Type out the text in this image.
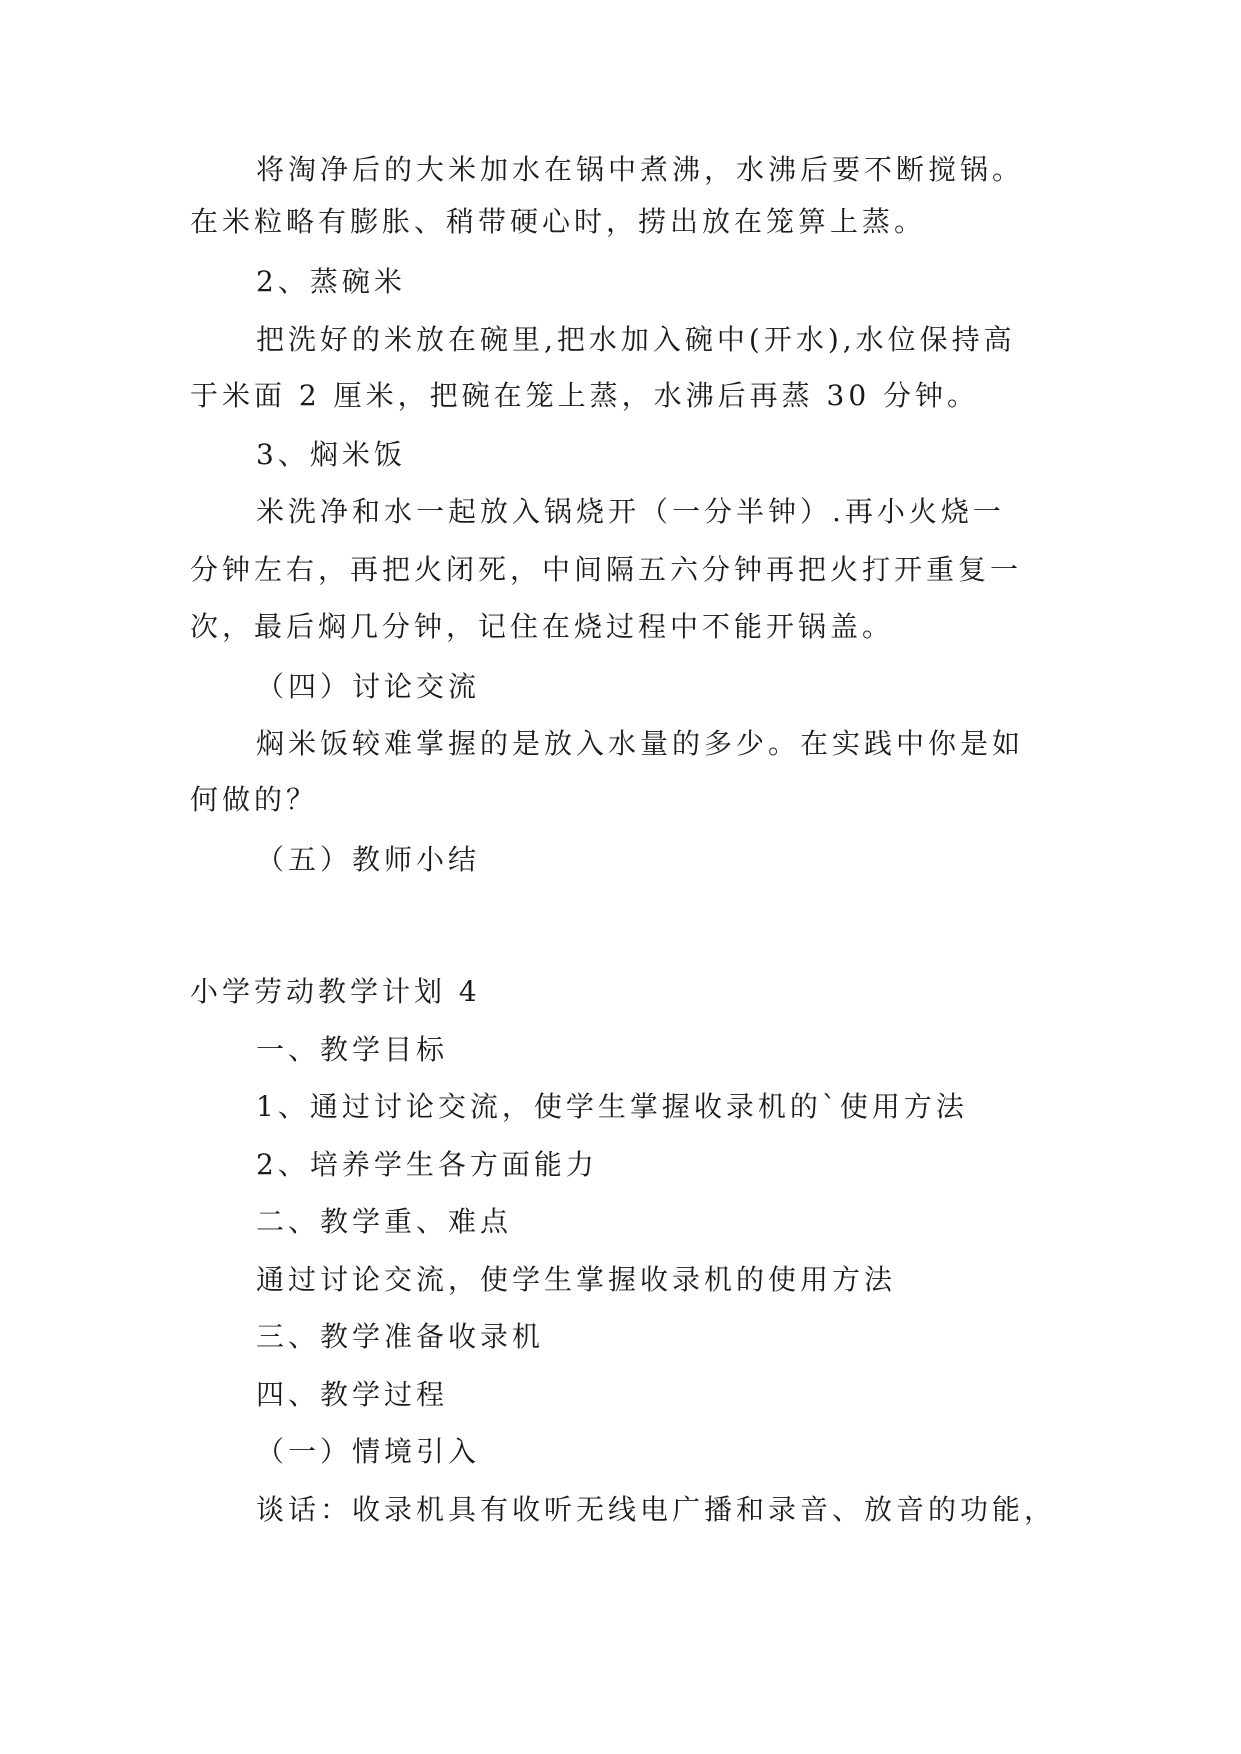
将淘净后的大米加水在锅中煮沸，水沸后要不断搅锅。
在米粒略有膨胀、稍带硬心时，捞出放在笼箅上蒸。
2、蒸碗米
把洗好的米放在碗里,把水加入碗中(开水),水位保持高
于米面 2 厘米，把碗在笼上蒸，水沸后再蒸 30 分钟。
3、焖米饭
米洗净和水一起放入锅烧开（一分半钟）.再小火烧一
分钟左右，再把火闭死，中间隔五六分钟再把火打开重复一
次，最后焖几分钟，记住在烧过程中不能开锅盖。
（四）讨论交流
焖米饭较难掌握的是放入水量的多少。在实践中你是如
何做的？
（五）教师小结
小学劳动教学计划 4
一、教学目标
1、通过讨论交流，使学生掌握收录机的`使用方法
2、培养学生各方面能力
二、教学重、难点
通过讨论交流，使学生掌握收录机的使用方法
三、教学准备收录机
四、教学过程
（一）情境引入
谈话：收录机具有收听无线电广播和录音、放音的功能，
